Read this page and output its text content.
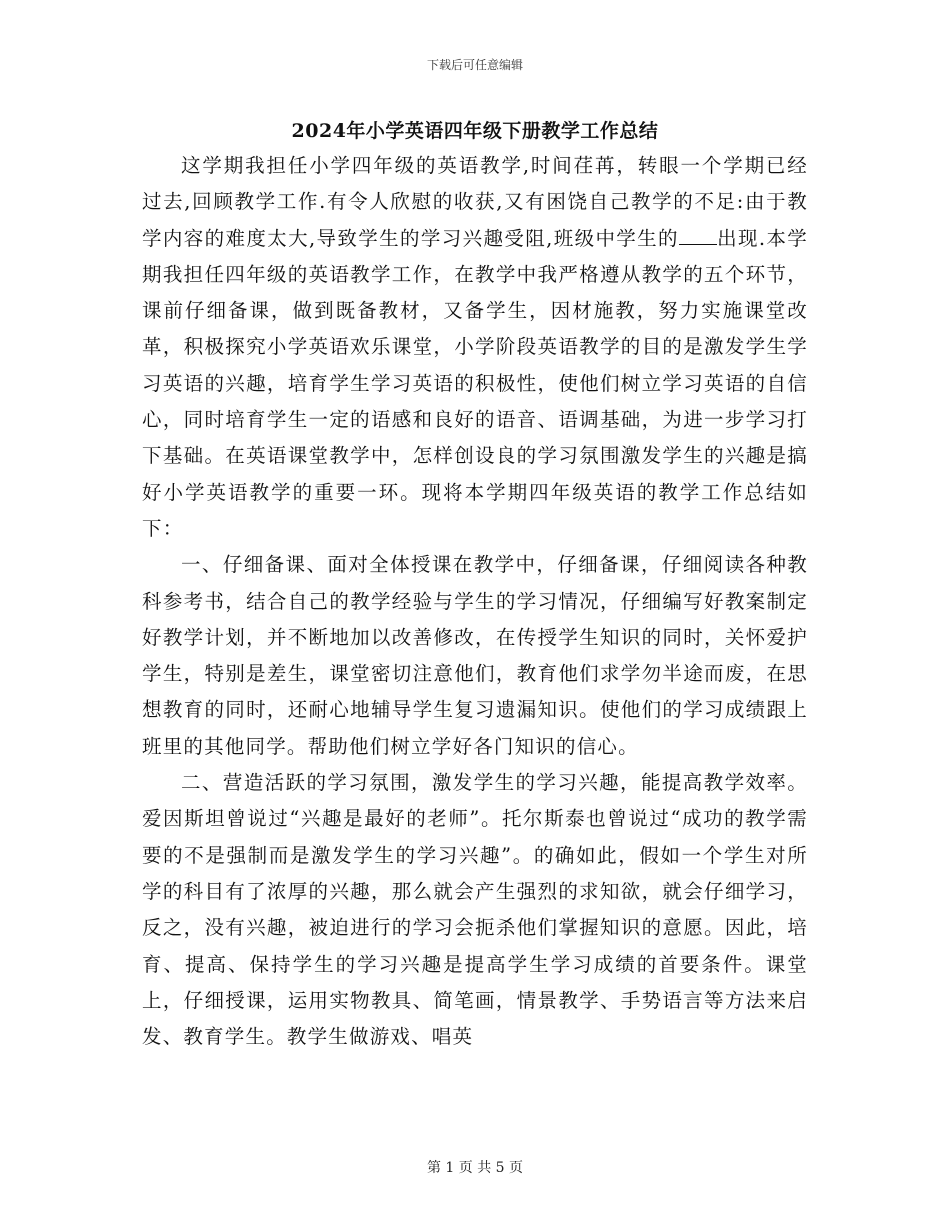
下载后可任意编辑
2024年小学英语四年级下册教学工作总结

这学期我担任小学四年级的英语教学,时间荏苒，转眼一个学期已经过去,回顾教学工作.有令人欣慰的收获,又有困饶自己教学的不足:由于教学内容的难度太大,导致学生的学习兴趣受阻,班级中学生的 出现.本学期我担任四年级的英语教学工作，在教学中我严格遵从教学的五个环节，课前仔细备课，做到既备教材，又备学生，因材施教，努力实施课堂改革，积极探究小学英语欢乐课堂，小学阶段英语教学的目的是激发学生学习英语的兴趣，培育学生学习英语的积极性，使他们树立学习英语的自信心，同时培育学生一定的语感和良好的语音、语调基础，为进一步学习打下基础。在英语课堂教学中，怎样创设良的学习氛围激发学生的兴趣是搞好小学英语教学的重要一环。现将本学期四年级英语的教学工作总结如下：

一、仔细备课、面对全体授课在教学中，仔细备课，仔细阅读各种教科参考书，结合自己的教学经验与学生的学习情况，仔细编写好教案制定好教学计划，并不断地加以改善修改，在传授学生知识的同时，关怀爱护学生，特别是差生，课堂密切注意他们，教育他们求学勿半途而废，在思想教育的同时，还耐心地辅导学生复习遗漏知识。使他们的学习成绩跟上班里的其他同学。帮助他们树立学好各门知识的信心。

二、营造活跃的学习氛围，激发学生的学习兴趣，能提高教学效率。爱因斯坦曾说过“兴趣是最好的老师”。托尔斯泰也曾说过“成功的教学需要的不是强制而是激发学生的学习兴趣”。的确如此，假如一个学生对所学的科目有了浓厚的兴趣，那么就会产生强烈的求知欲，就会仔细学习，反之，没有兴趣，被迫进行的学习会扼杀他们掌握知识的意愿。因此，培育、提高、保持学生的学习兴趣是提高学生学习成绩的首要条件。课堂上，仔细授课，运用实物教具、简笔画，情景教学、手势语言等方法来启发、教育学生。教学生做游戏、唱英

第 1 页 共 5 页
